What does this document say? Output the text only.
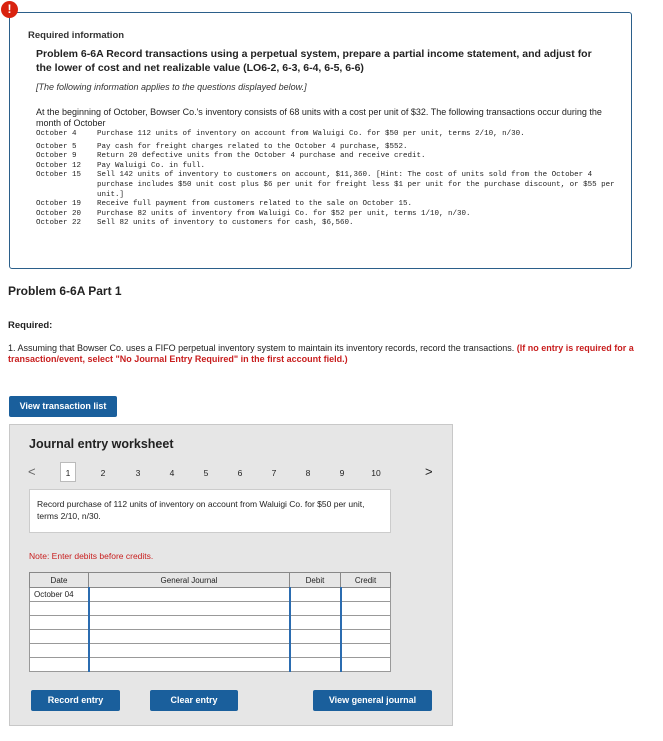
!
Required information
Problem 6-6A Record transactions using a perpetual system, prepare a partial income statement, and adjust for the lower of cost and net realizable value (LO6-2, 6-3, 6-4, 6-5, 6-6)
[The following information applies to the questions displayed below.]
At the beginning of October, Bowser Co.'s inventory consists of 68 units with a cost per unit of $32. The following transactions occur during the month of October
October 4	Purchase 112 units of inventory on account from Waluigi Co. for $50 per unit, terms 2/10, n/30.
October 5	Pay cash for freight charges related to the October 4 purchase, $552.
October 9	Return 20 defective units from the October 4 purchase and receive credit.
October 12	Pay Waluigi Co. in full.
October 15	Sell 142 units of inventory to customers on account, $11,360. [Hint: The cost of units sold from the October 4 purchase includes $50 unit cost plus $6 per unit for freight less $1 per unit for the purchase discount, or $55 per unit.]
October 19	Receive full payment from customers related to the sale on October 15.
October 20	Purchase 82 units of inventory from Waluigi Co. for $52 per unit, terms 1/10, n/30.
October 22	Sell 82 units of inventory to customers for cash, $6,560.
Problem 6-6A Part 1
Required:
1. Assuming that Bowser Co. uses a FIFO perpetual inventory system to maintain its inventory records, record the transactions. (If no entry is required for a transaction/event, select "No Journal Entry Required" in the first account field.)
View transaction list
Journal entry worksheet
<	1	2	3	4	5	6	7	8	9	10	>
Record purchase of 112 units of inventory on account from Waluigi Co. for $50 per unit, terms 2/10, n/30.
Note: Enter debits before credits.
Date	General Journal	Debit	Credit
October 04			

Record entry	Clear entry	View general journal
